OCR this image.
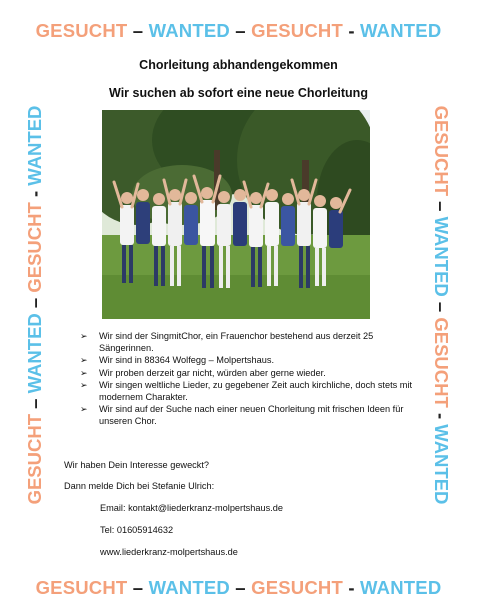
GESUCHT – WANTED – GESUCHT - WANTED
GESUCHT – WANTED – GESUCHT - WANTED
GESUCHT – WANTED – GESUCHT - WANTED	GESUCHT – WANTED – GESUCHT - WANTED
Chorleitung abhandengekommen
Wir suchen ab sofort eine neue Chorleitung
➢ Wir sind der SingmitChor, ein Frauenchor bestehend aus derzeit 25 Sängerinnen.
➢ Wir sind in 88364 Wolfegg – Molpertshaus.
➢ Wir proben derzeit gar nicht, würden aber gerne wieder.
➢ Wir singen weltliche Lieder, zu gegebener Zeit auch kirchliche, doch stets mit modernem Charakter.
➢ Wir sind auf der Suche nach einer neuen Chorleitung mit frischen Ideen für unseren Chor.
Wir haben Dein Interesse geweckt?
Dann melde Dich bei Stefanie Ulrich:
Email: kontakt@liederkranz-molpertshaus.de
Tel: 01605914632
www.liederkranz-molpertshaus.de
